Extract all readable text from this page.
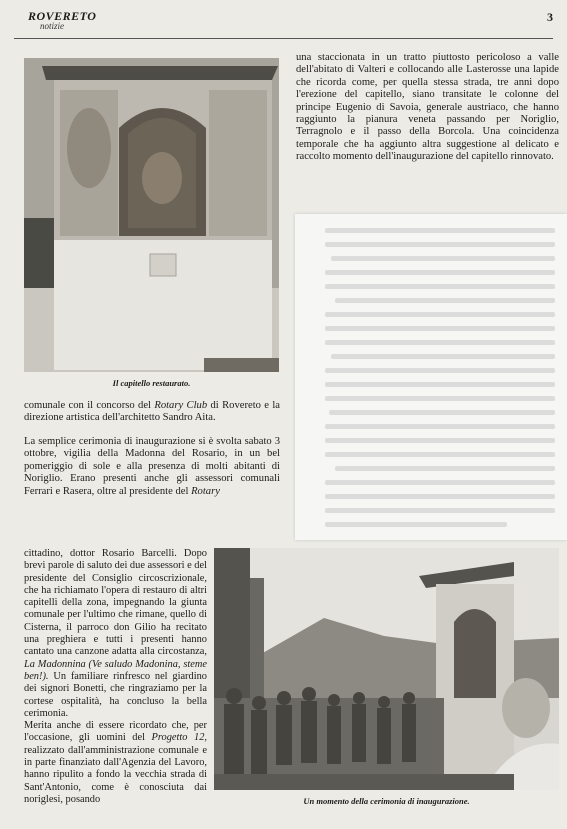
ROVERETO
notizie
3
Il capitello restaurato.

una staccionata in un tratto piuttosto pericoloso a valle dell'abitato di Valteri e collocando alle Lasterosse una lapide che ricorda come, per quella stessa strada, tre anni dopo l'erezione del capitello, siano transitate le colonne del principe Eugenio di Savoia, generale austriaco, che hanno raggiunto la pianura veneta passando per Noriglio, Terragnolo e il passo della Borcola. Una coincidenza temporale che ha aggiunto altra suggestione al delicato e raccolto momento dell'inaugurazione del capitello rinnovato.

comunale con il concorso del Rotary Club di Rovereto e la direzione artistica dell'architetto Sandro Aita.

La semplice cerimonia di inaugurazione si è svolta sabato 3 ottobre, vigilia della Madonna del Rosario, in un bel pomeriggio di sole e alla presenza di molti abitanti di Noriglio. Erano presenti anche gli assessori comunali Ferrari e Rasera, oltre al presidente del Rotary

cittadino, dottor Rosario Barcelli. Dopo brevi parole di saluto dei due assessori e del presidente del Consiglio circoscrizionale, che ha richiamato l'opera di restauro di altri capitelli della zona, impegnando la giunta comunale per l'ultimo che rimane, quello di Cisterna, il parroco don Gilio ha recitato una preghiera e tutti i presenti hanno cantato una canzone adatta alla circostanza, La Madonnina (Ve saludo Madonina, steme ben!). Un familiare rinfresco nel giardino dei signori Bonetti, che ringraziamo per la cortese ospitalità, ha concluso la bella cerimonia.

Merita anche di essere ricordato che, per l'occasione, gli uomini del Progetto 12, realizzato dall'amministrazione comunale e in parte finanziato dall'Agenzia del Lavoro, hanno ripulito a fondo la vecchia strada di Sant'Antonio, come è conosciuta dai noriglesi, posando	Un momento della cerimonia di inaugurazione.
